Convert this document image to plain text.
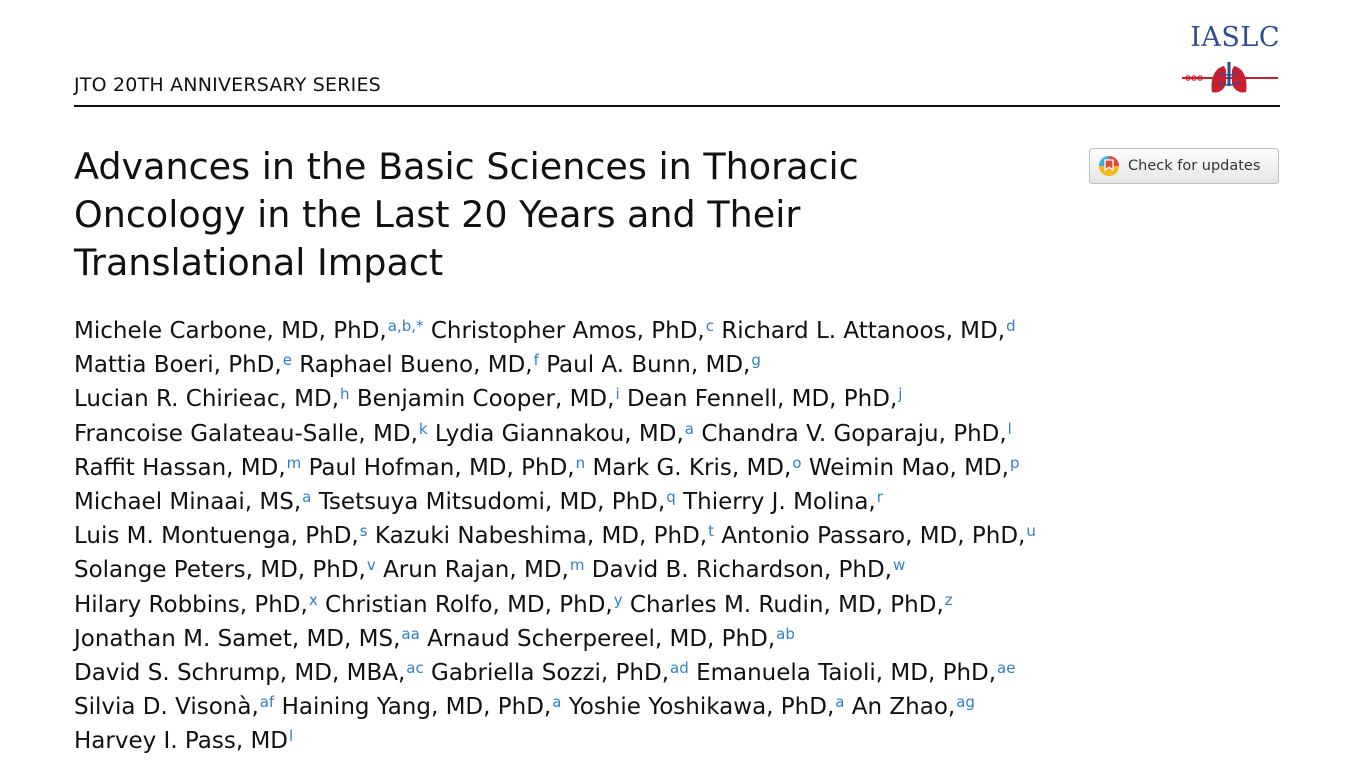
JTO 20TH ANNIVERSARY SERIES
IASLC
Advances in the Basic Sciences in Thoracic
Oncology in the Last 20 Years and Their
Translational Impact
Check for updates
Michele Carbone, MD, PhD,$^{a,b,*}$ Christopher Amos, PhD,$^c$ Richard L. Attanoos, MD,$^d$
Mattia Boeri, PhD,$^e$ Raphael Bueno, MD,$^f$ Paul A. Bunn, MD,$^g$
Lucian R. Chirieac, MD,$^h$ Benjamin Cooper, MD,$^i$ Dean Fennell, MD, PhD,$^j$
Francoise Galateau-Salle, MD,$^k$ Lydia Giannakou, MD,$^a$ Chandra V. Goparaju, PhD,$^l$
Raffit Hassan, MD,$^m$ Paul Hofman, MD, PhD,$^n$ Mark G. Kris, MD,$^o$ Weimin Mao, MD,$^p$
Michael Minaai, MS,$^a$ Tsetsuya Mitsudomi, MD, PhD,$^q$ Thierry J. Molina,$^r$
Luis M. Montuenga, PhD,$^s$ Kazuki Nabeshima, MD, PhD,$^t$ Antonio Passaro, MD, PhD,$^u$
Solange Peters, MD, PhD,$^v$ Arun Rajan, MD,$^m$ David B. Richardson, PhD,$^w$
Hilary Robbins, PhD,$^x$ Christian Rolfo, MD, PhD,$^y$ Charles M. Rudin, MD, PhD,$^z$
Jonathan M. Samet, MD, MS,$^{aa}$ Arnaud Scherpereel, MD, PhD,$^{ab}$
David S. Schrump, MD, MBA,$^{ac}$ Gabriella Sozzi, PhD,$^{ad}$ Emanuela Taioli, MD, PhD,$^{ae}$
Silvia D. Visonà,$^{af}$ Haining Yang, MD, PhD,$^a$ Yoshie Yoshikawa, PhD,$^a$ An Zhao,$^{ag}$
Harvey I. Pass, MD$^l$
